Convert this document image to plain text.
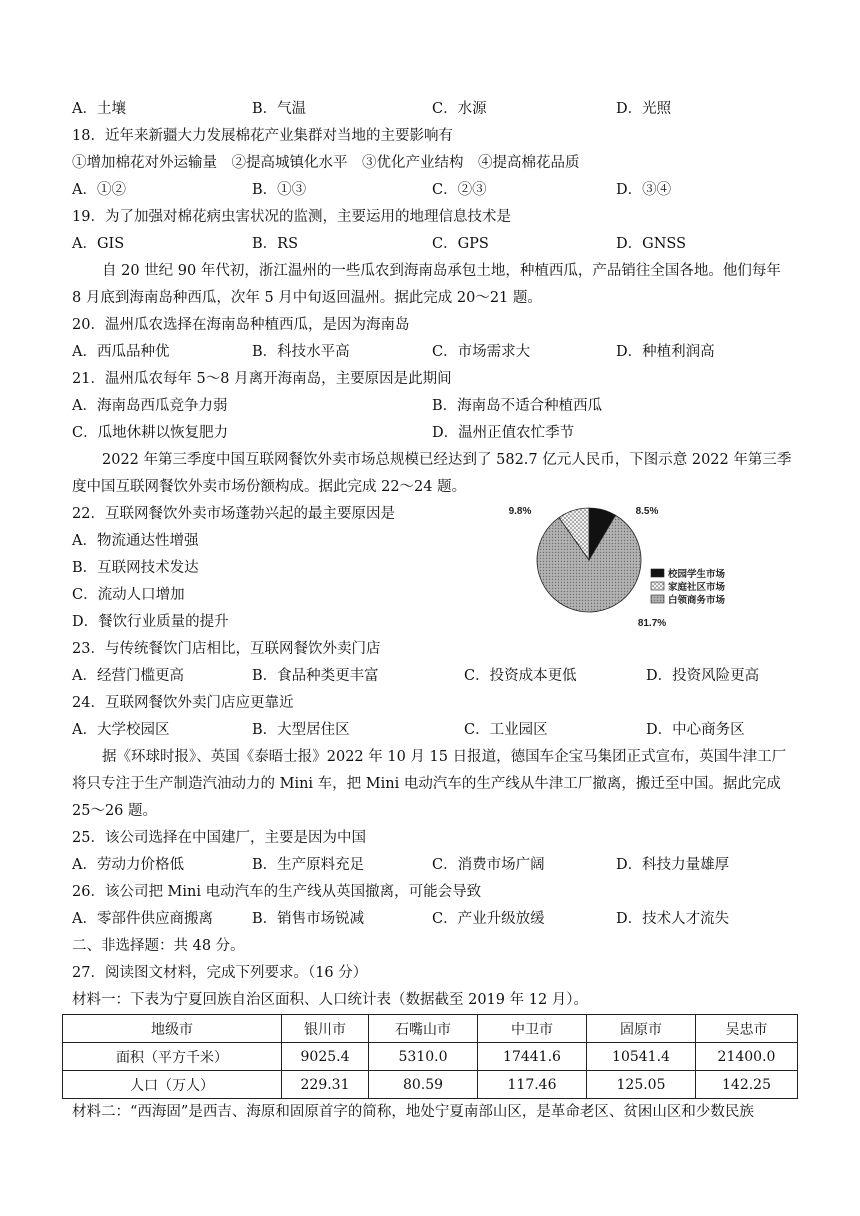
A．土壤	B．气温	C．水源	D．光照
18．近年来新疆大力发展棉花产业集群对当地的主要影响有
①增加棉花对外运输量　②提高城镇化水平　③优化产业结构　④提高棉花品质
A．①②	B．①③	C．②③	D．③④
19．为了加强对棉花病虫害状况的监测，主要运用的地理信息技术是
A．GIS	B．RS	C．GPS	D．GNSS
自 20 世纪 90 年代初，浙江温州的一些瓜农到海南岛承包土地，种植西瓜，产品销往全国各地。他们每年
8 月底到海南岛种西瓜，次年 5 月中旬返回温州。据此完成 20～21 题。
20．温州瓜农选择在海南岛种植西瓜，是因为海南岛
A．西瓜品种优	B．科技水平高	C．市场需求大	D．种植利润高
21．温州瓜农每年 5～8 月离开海南岛，主要原因是此期间
A．海南岛西瓜竞争力弱	B．海南岛不适合种植西瓜
C．瓜地休耕以恢复肥力	D．温州正值农忙季节
2022 年第三季度中国互联网餐饮外卖市场总规模已经达到了 582.7 亿元人民币，下图示意 2022 年第三季
度中国互联网餐饮外卖市场份额构成。据此完成 22～24 题。
22．互联网餐饮外卖市场蓬勃兴起的最主要原因是
A．物流通达性增强
B．互联网技术发达
C．流动人口增加
D．餐饮行业质量的提升
8.5%
9.8%
81.7%
校园学生市场
家庭社区市场
白领商务市场
23．与传统餐饮门店相比，互联网餐饮外卖门店
A．经营门槛更高	B．食品种类更丰富	C．投资成本更低	D．投资风险更高
24．互联网餐饮外卖门店应更靠近
A．大学校园区	B．大型居住区	C．工业园区	D．中心商务区
据《环球时报》、英国《泰晤士报》2022 年 10 月 15 日报道，德国车企宝马集团正式宣布，英国牛津工厂
将只专注于生产制造汽油动力的 Mini 车，把 Mini 电动汽车的生产线从牛津工厂撤离，搬迁至中国。据此完成
25～26 题。
25．该公司选择在中国建厂，主要是因为中国
A．劳动力价格低	B．生产原料充足	C．消费市场广阔	D．科技力量雄厚
26．该公司把 Mini 电动汽车的生产线从英国撤离，可能会导致
A．零部件供应商搬离	B．销售市场锐减	C．产业升级放缓	D．技术人才流失
二、非选择题：共 48 分。
27．阅读图文材料，完成下列要求。（16 分）
材料一：下表为宁夏回族自治区面积、人口统计表（数据截至 2019 年 12 月）。
地级市	银川市	石嘴山市	中卫市	固原市	吴忠市
面积（平方千米）	9025.4	5310.0	17441.6	10541.4	21400.0
人口（万人）	229.31	80.59	117.46	125.05	142.25
材料二：“西海固”是西吉、海原和固原首字的简称，地处宁夏南部山区，是革命老区、贫困山区和少数民族
